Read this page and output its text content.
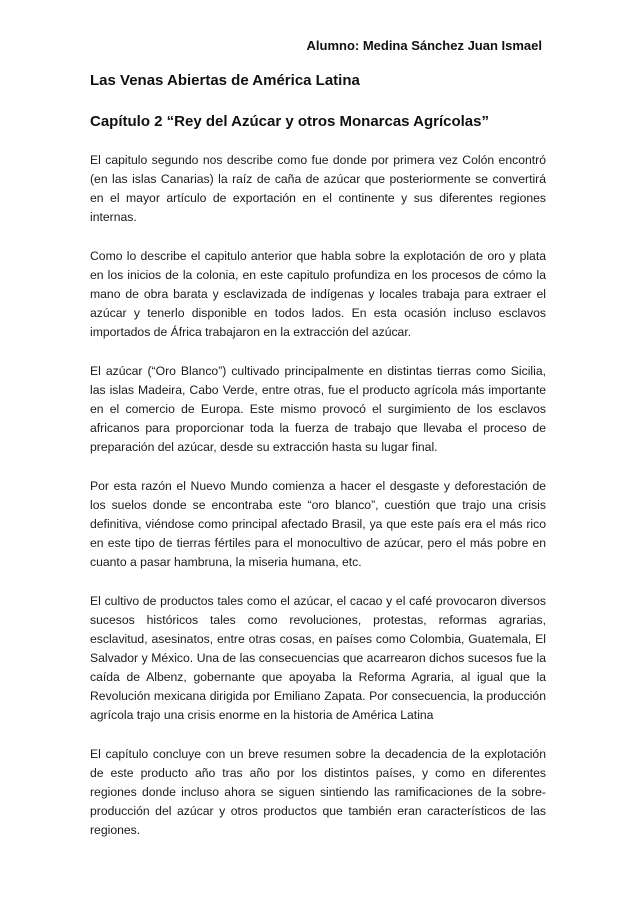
Alumno: Medina Sánchez Juan Ismael
Las Venas Abiertas de América Latina
Capítulo 2 “Rey del Azúcar y otros Monarcas Agrícolas”

El capitulo segundo nos describe como fue donde por primera vez Colón encontró (en las islas Canarias) la raíz de caña de azúcar que posteriormente se convertirá en el mayor artículo de exportación en el continente y sus diferentes regiones internas.

Como lo describe el capitulo anterior que habla sobre la explotación de oro y plata en los inicios de la colonia, en este capitulo profundiza en los procesos de cómo la mano de obra barata y esclavizada de indígenas y locales trabaja para extraer el azúcar y tenerlo disponible en todos lados. En esta ocasión incluso esclavos importados de África trabajaron en la extracción del azúcar.

El azúcar (“Oro Blanco”) cultivado principalmente en distintas tierras como Sicilia, las islas Madeira, Cabo Verde, entre otras, fue el producto agrícola más importante en el comercio de Europa. Este mismo provocó el surgimiento de los esclavos africanos para proporcionar toda la fuerza de trabajo que llevaba el proceso de preparación del azúcar, desde su extracción hasta su lugar final.

Por esta razón el Nuevo Mundo comienza a hacer el desgaste y deforestación de los suelos donde se encontraba este “oro blanco”, cuestión que trajo una crisis definitiva, viéndose como principal afectado Brasil, ya que este país era el más rico en este tipo de tierras fértiles para el monocultivo de azúcar, pero el más pobre en cuanto a pasar hambruna, la miseria humana, etc.

El cultivo de productos tales como el azúcar, el cacao y el café provocaron diversos sucesos históricos tales como revoluciones, protestas, reformas agrarias, esclavitud, asesinatos, entre otras cosas, en países como Colombia, Guatemala, El Salvador y México. Una de las consecuencias que acarrearon dichos sucesos fue la caída de Albenz, gobernante que apoyaba la Reforma Agraria, al igual que la Revolución mexicana dirigida por Emiliano Zapata. Por consecuencia, la producción agrícola trajo una crisis enorme en la historia de América Latina

El capítulo concluye con un breve resumen sobre la decadencia de la explotación de este producto año tras año por los distintos países, y como en diferentes regiones donde incluso ahora se siguen sintiendo las ramificaciones de la sobre-producción del azúcar y otros productos que también eran característicos de las regiones.
